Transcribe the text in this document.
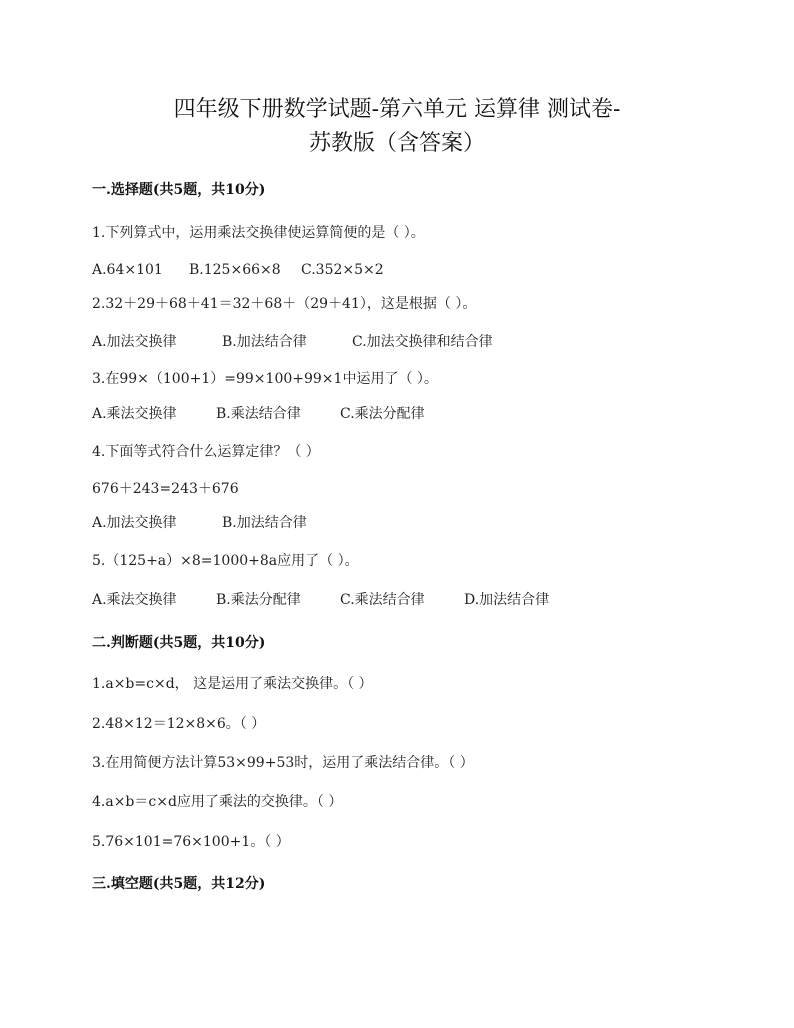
四年级下册数学试题-第六单元 运算律 测试卷-
苏教版（含答案）
一.选择题(共5题，共10分)
1.下列算式中，运用乘法交换律使运算简便的是（ ）。
A.64×101 B.125×66×8 C.352×5×2
2.32＋29＋68＋41＝32＋68＋（29＋41），这是根据（ ）。
A.加法交换律	B.加法结合律	C.加法交换律和结合律
3.在99×（100+1）=99×100+99×1中运用了（ ）。
A.乘法交换律	B.乘法结合律	C.乘法分配律
4.下面等式符合什么运算定律？（ ）
676＋243=243＋676
A.加法交换律	B.加法结合律
5.（125+a）×8=1000+8a应用了（ ）。
A.乘法交换律	B.乘法分配律	C.乘法结合律	D.加法结合律
二.判断题(共5题，共10分)
1.a×b=c×d， 这是运用了乘法交换律。（ ）
2.48×12＝12×8×6。（ ）
3.在用简便方法计算53×99+53时，运用了乘法结合律。（ ）
4.a×b＝c×d应用了乘法的交换律。（ ）
5.76×101=76×100+1。（ ）
三.填空题(共5题，共12分)
